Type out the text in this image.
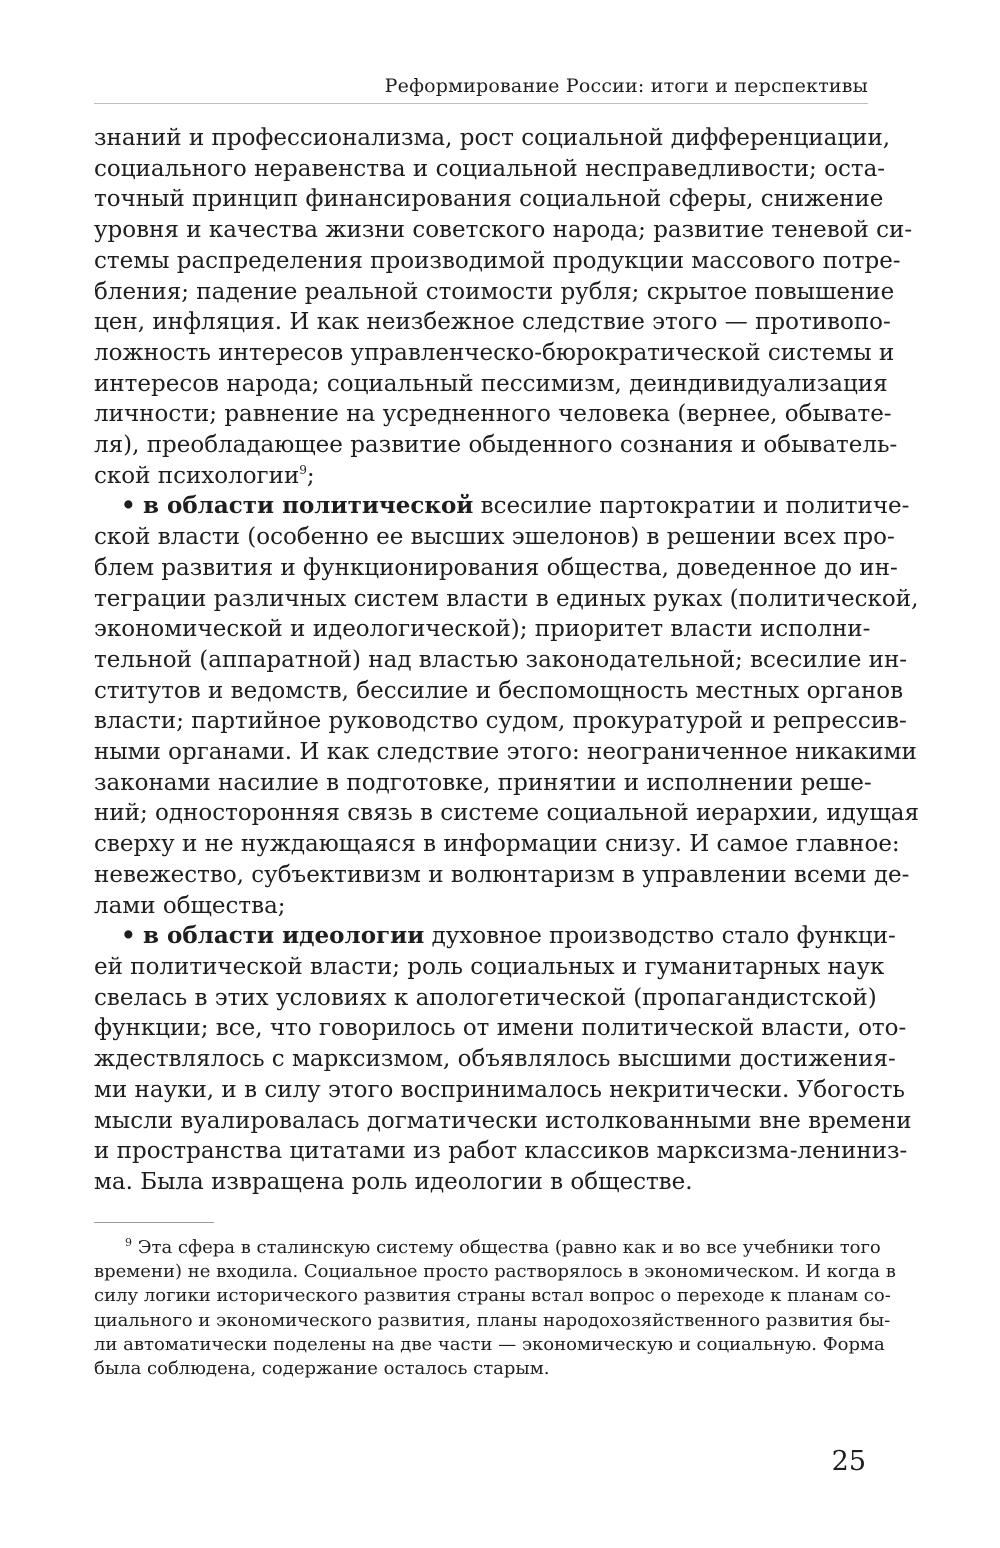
Реформирование России: итоги и перспективы
знаний и профессионализма, рост социальной дифференциации,
социального неравенства и социальной несправедливости; оста-
точный принцип финансирования социальной сферы, снижение
уровня и качества жизни советского народа; развитие теневой си-
стемы распределения производимой продукции массового потре-
бления; падение реальной стоимости рубля; скрытое повышение
цен, инфляция. И как неизбежное следствие этого — противопо-
ложность интересов управленческо-бюрократической системы и
интересов народа; социальный пессимизм, деиндивидуализация
личности; равнение на усредненного человека (вернее, обывате-
ля), преобладающее развитие обыденного сознания и обыватель-
ской психологии$^9$;
• в области политической всесилие партократии и политиче-
ской власти (особенно ее высших эшелонов) в решении всех про-
блем развития и функционирования общества, доведенное до ин-
теграции различных систем власти в единых руках (политической,
экономической и идеологической); приоритет власти исполни-
тельной (аппаратной) над властью законодательной; всесилие ин-
ститутов и ведомств, бессилие и беспомощность местных органов
власти; партийное руководство судом, прокуратурой и репрессив-
ными органами. И как следствие этого: неограниченное никакими
законами насилие в подготовке, принятии и исполнении реше-
ний; односторонняя связь в системе социальной иерархии, идущая
сверху и не нуждающаяся в информации снизу. И самое главное:
невежество, субъективизм и волюнтаризм в управлении всеми де-
лами общества;
• в области идеологии духовное производство стало функци-
ей политической власти; роль социальных и гуманитарных наук
свелась в этих условиях к апологетической (пропагандистской)
функции; все, что говорилось от имени политической власти, ото-
ждествлялось с марксизмом, объявлялось высшими достижения-
ми науки, и в силу этого воспринималось некритически. Убогость
мысли вуалировалась догматически истолкованными вне времени
и пространства цитатами из работ классиков марксизма-лениниз-
ма. Была извращена роль идеологии в обществе.
$^9$ Эта сфера в сталинскую систему общества (равно как и во все учебники того
времени) не входила. Социальное просто растворялось в экономическом. И когда в
силу логики исторического развития страны встал вопрос о переходе к планам со-
циального и экономического развития, планы народохозяйственного развития бы-
ли автоматически поделены на две части — экономическую и социальную. Форма
была соблюдена, содержание осталось старым.
25
